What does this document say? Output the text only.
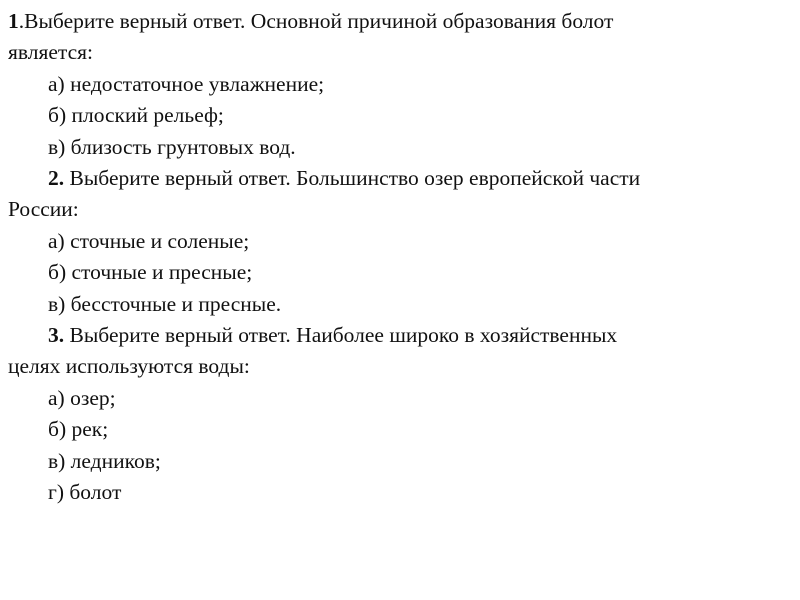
1.Выберите верный ответ. Основной причиной образования болот
является:
а) недостаточное увлажнение;
б) плоский рельеф;
в) близость грунтовых вод.
2. Выберите верный ответ. Большинство озер европейской части
России:
а) сточные и соленые;
б) сточные и пресные;
в) бессточные и пресные.
3. Выберите верный ответ. Наиболее широко в хозяйственных
целях используются воды:
а) озер;
б) рек;
в) ледников;
г) болот
